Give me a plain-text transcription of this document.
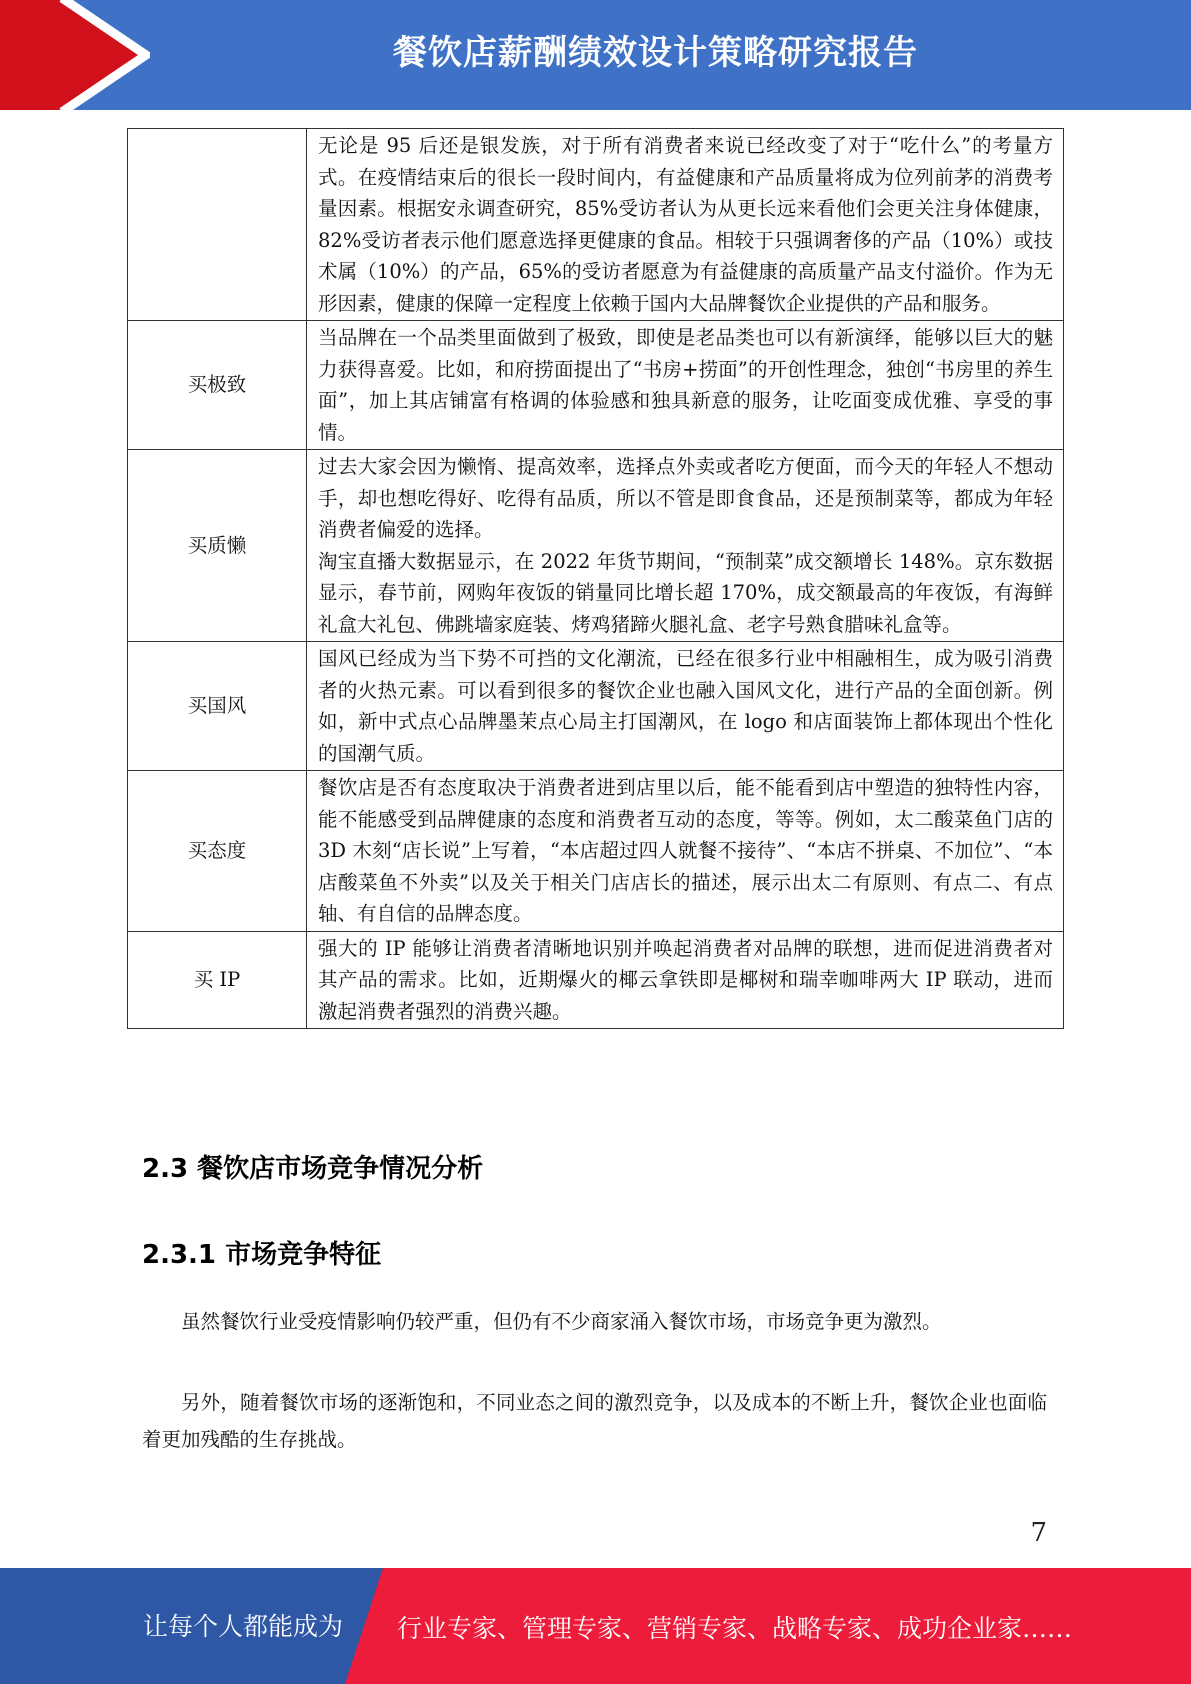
餐饮店薪酬绩效设计策略研究报告

	无论是 95 后还是银发族，对于所有消费者来说已经改变了对于“吃什么”的考量方式。在疫情结束后的很长一段时间内，有益健康和产品质量将成为位列前茅的消费考量因素。根据安永调查研究，85%受访者认为从更长远来看他们会更关注身体健康，82%受访者表示他们愿意选择更健康的食品。相较于只强调奢侈的产品（10%）或技术属（10%）的产品，65%的受访者愿意为有益健康的高质量产品支付溢价。作为无形因素，健康的保障一定程度上依赖于国内大品牌餐饮企业提供的产品和服务。

买极致	当品牌在一个品类里面做到了极致，即使是老品类也可以有新演绎，能够以巨大的魅力获得喜爱。比如，和府捞面提出了“书房+捞面”的开创性理念，独创“书房里的养生面”，加上其店铺富有格调的体验感和独具新意的服务，让吃面变成优雅、享受的事情。

买质懒	过去大家会因为懒惰、提高效率，选择点外卖或者吃方便面，而今天的年轻人不想动手，却也想吃得好、吃得有品质，所以不管是即食食品，还是预制菜等，都成为年轻消费者偏爱的选择。

淘宝直播大数据显示，在 2022 年货节期间，“预制菜”成交额增长 148%。京东数据显示，春节前，网购年夜饭的销量同比增长超 170%，成交额最高的年夜饭，有海鲜礼盒大礼包、佛跳墙家庭装、烤鸡猪蹄火腿礼盒、老字号熟食腊味礼盒等。

买国风	国风已经成为当下势不可挡的文化潮流，已经在很多行业中相融相生，成为吸引消费者的火热元素。可以看到很多的餐饮企业也融入国风文化，进行产品的全面创新。例如，新中式点心品牌墨茉点心局主打国潮风，在 logo 和店面装饰上都体现出个性化的国潮气质。

买态度	餐饮店是否有态度取决于消费者进到店里以后，能不能看到店中塑造的独特性内容，能不能感受到品牌健康的态度和消费者互动的态度，等等。例如，太二酸菜鱼门店的 3D 木刻“店长说”上写着，“本店超过四人就餐不接待”、“本店不拼桌、不加位”、“本店酸菜鱼不外卖”以及关于相关门店店长的描述，展示出太二有原则、有点二、有点轴、有自信的品牌态度。

买 IP	强大的 IP 能够让消费者清晰地识别并唤起消费者对品牌的联想，进而促进消费者对其产品的需求。比如，近期爆火的椰云拿铁即是椰树和瑞幸咖啡两大 IP 联动，进而激起消费者强烈的消费兴趣。

2.3 餐饮店市场竞争情况分析
2.3.1 市场竞争特征

虽然餐饮行业受疫情影响仍较严重，但仍有不少商家涌入餐饮市场，市场竞争更为激烈。

另外，随着餐饮市场的逐渐饱和，不同业态之间的激烈竞争，以及成本的不断上升，餐饮企业也面临着更加残酷的生存挑战。

7
让每个人都能成为 行业专家、管理专家、营销专家、战略专家、成功企业家……
